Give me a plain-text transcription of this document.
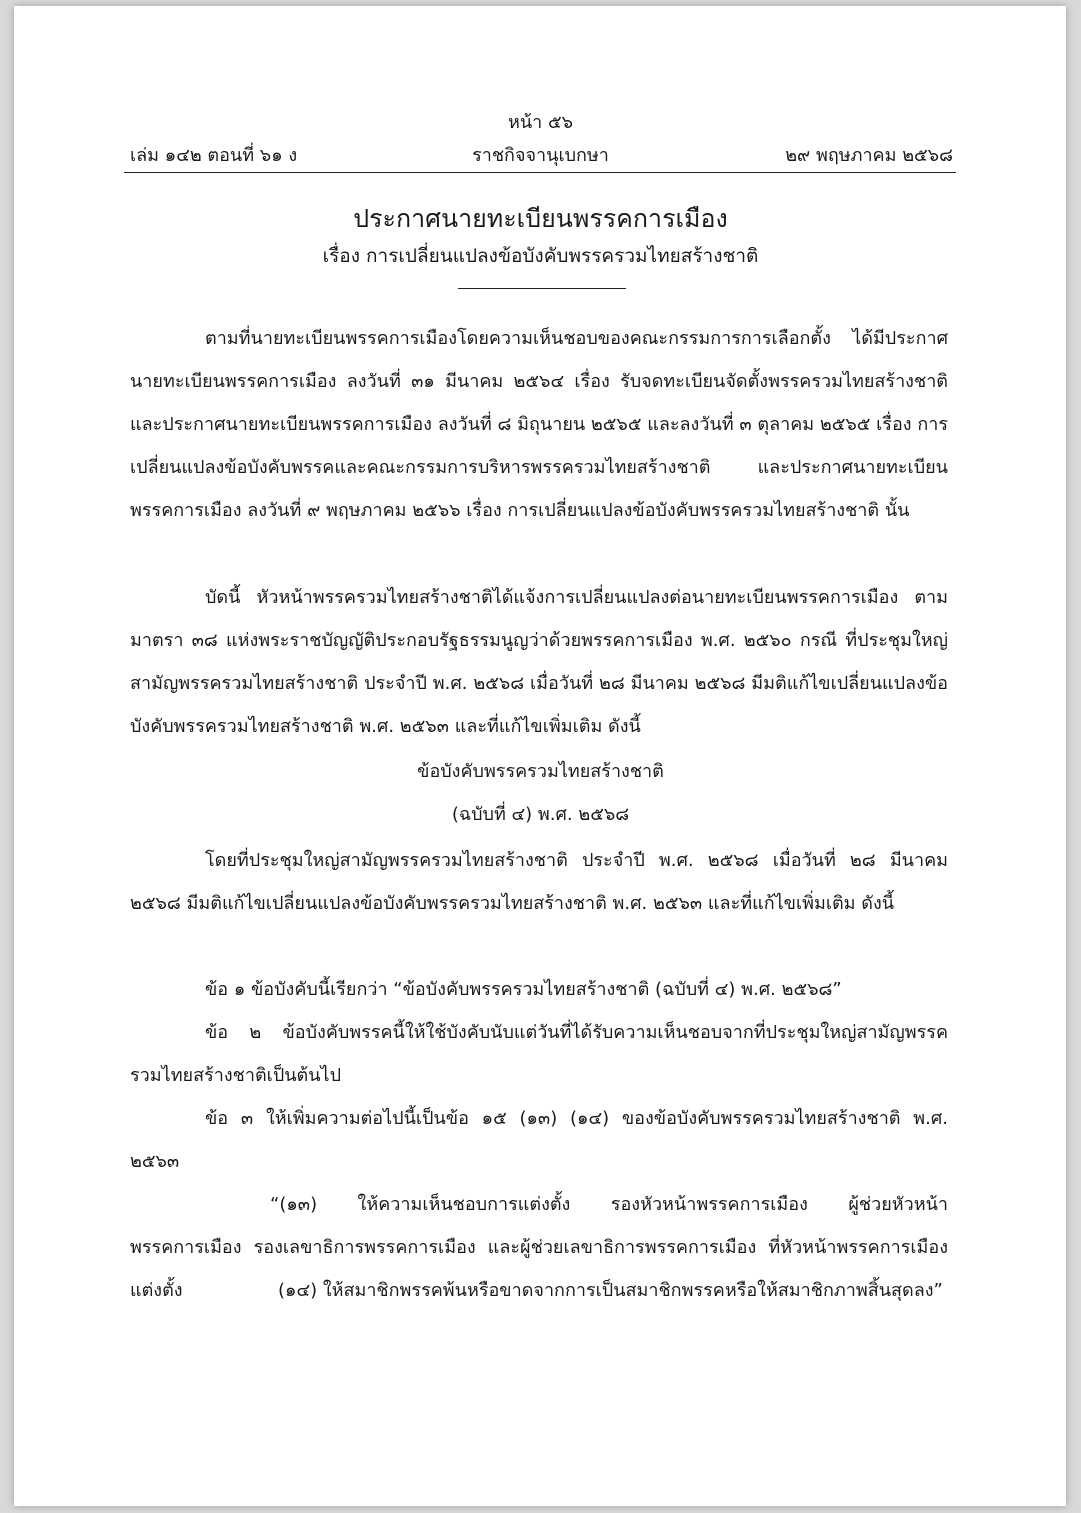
หน้า ๕๖
เล่ม ๑๔๒ ตอนที่ ๖๑ ง	ราชกิจจานุเบกษา	๒๙ พฤษภาคม ๒๕๖๘
ประกาศนายทะเบียนพรรคการเมือง
เรื่อง การเปลี่ยนแปลงข้อบังคับพรรครวมไทยสร้างชาติ
ตามที่นายทะเบียนพรรคการเมืองโดยความเห็นชอบของคณะกรรมการการเลือกตั้ง ได้มีประกาศนายทะเบียนพรรคการเมือง ลงวันที่ ๓๑ มีนาคม ๒๕๖๔ เรื่อง รับจดทะเบียนจัดตั้งพรรครวมไทยสร้างชาติ และประกาศนายทะเบียนพรรคการเมือง ลงวันที่ ๘ มิถุนายน ๒๕๖๕ และลงวันที่ ๓ ตุลาคม ๒๕๖๕ เรื่อง การเปลี่ยนแปลงข้อบังคับพรรคและคณะกรรมการบริหารพรรครวมไทยสร้างชาติ และประกาศนายทะเบียนพรรคการเมือง ลงวันที่ ๙ พฤษภาคม ๒๕๖๖ เรื่อง การเปลี่ยนแปลงข้อบังคับพรรครวมไทยสร้างชาติ นั้น
บัดนี้ หัวหน้าพรรครวมไทยสร้างชาติได้แจ้งการเปลี่ยนแปลงต่อนายทะเบียนพรรคการเมือง ตามมาตรา ๓๘ แห่งพระราชบัญญัติประกอบรัฐธรรมนูญว่าด้วยพรรคการเมือง พ.ศ. ๒๕๖๐ กรณี ที่ประชุมใหญ่สามัญพรรครวมไทยสร้างชาติ ประจำปี พ.ศ. ๒๕๖๘ เมื่อวันที่ ๒๘ มีนาคม ๒๕๖๘ มีมติแก้ไขเปลี่ยนแปลงข้อบังคับพรรครวมไทยสร้างชาติ พ.ศ. ๒๕๖๓ และที่แก้ไขเพิ่มเติม ดังนี้
ข้อบังคับพรรครวมไทยสร้างชาติ
(ฉบับที่ ๔) พ.ศ. ๒๕๖๘
โดยที่ประชุมใหญ่สามัญพรรครวมไทยสร้างชาติ ประจำปี พ.ศ. ๒๕๖๘ เมื่อวันที่ ๒๘ มีนาคม ๒๕๖๘ มีมติแก้ไขเปลี่ยนแปลงข้อบังคับพรรครวมไทยสร้างชาติ พ.ศ. ๒๕๖๓ และที่แก้ไขเพิ่มเติม ดังนี้
ข้อ ๑ ข้อบังคับนี้เรียกว่า “ข้อบังคับพรรครวมไทยสร้างชาติ (ฉบับที่ ๔) พ.ศ. ๒๕๖๘”
ข้อ ๒ ข้อบังคับพรรคนี้ให้ใช้บังคับนับแต่วันที่ได้รับความเห็นชอบจากที่ประชุมใหญ่สามัญพรรครวมไทยสร้างชาติเป็นต้นไป
ข้อ ๓ ให้เพิ่มความต่อไปนี้เป็นข้อ ๑๕ (๑๓) (๑๔) ของข้อบังคับพรรครวมไทยสร้างชาติ พ.ศ. ๒๕๖๓
“(๑๓) ให้ความเห็นชอบการแต่งตั้ง รองหัวหน้าพรรคการเมือง ผู้ช่วยหัวหน้าพรรคการเมือง รองเลขาธิการพรรคการเมือง และผู้ช่วยเลขาธิการพรรคการเมือง ที่หัวหน้าพรรคการเมืองแต่งตั้ง	(๑๔) ให้สมาชิกพรรคพ้นหรือขาดจากการเป็นสมาชิกพรรคหรือให้สมาชิกภาพสิ้นสุดลง”
